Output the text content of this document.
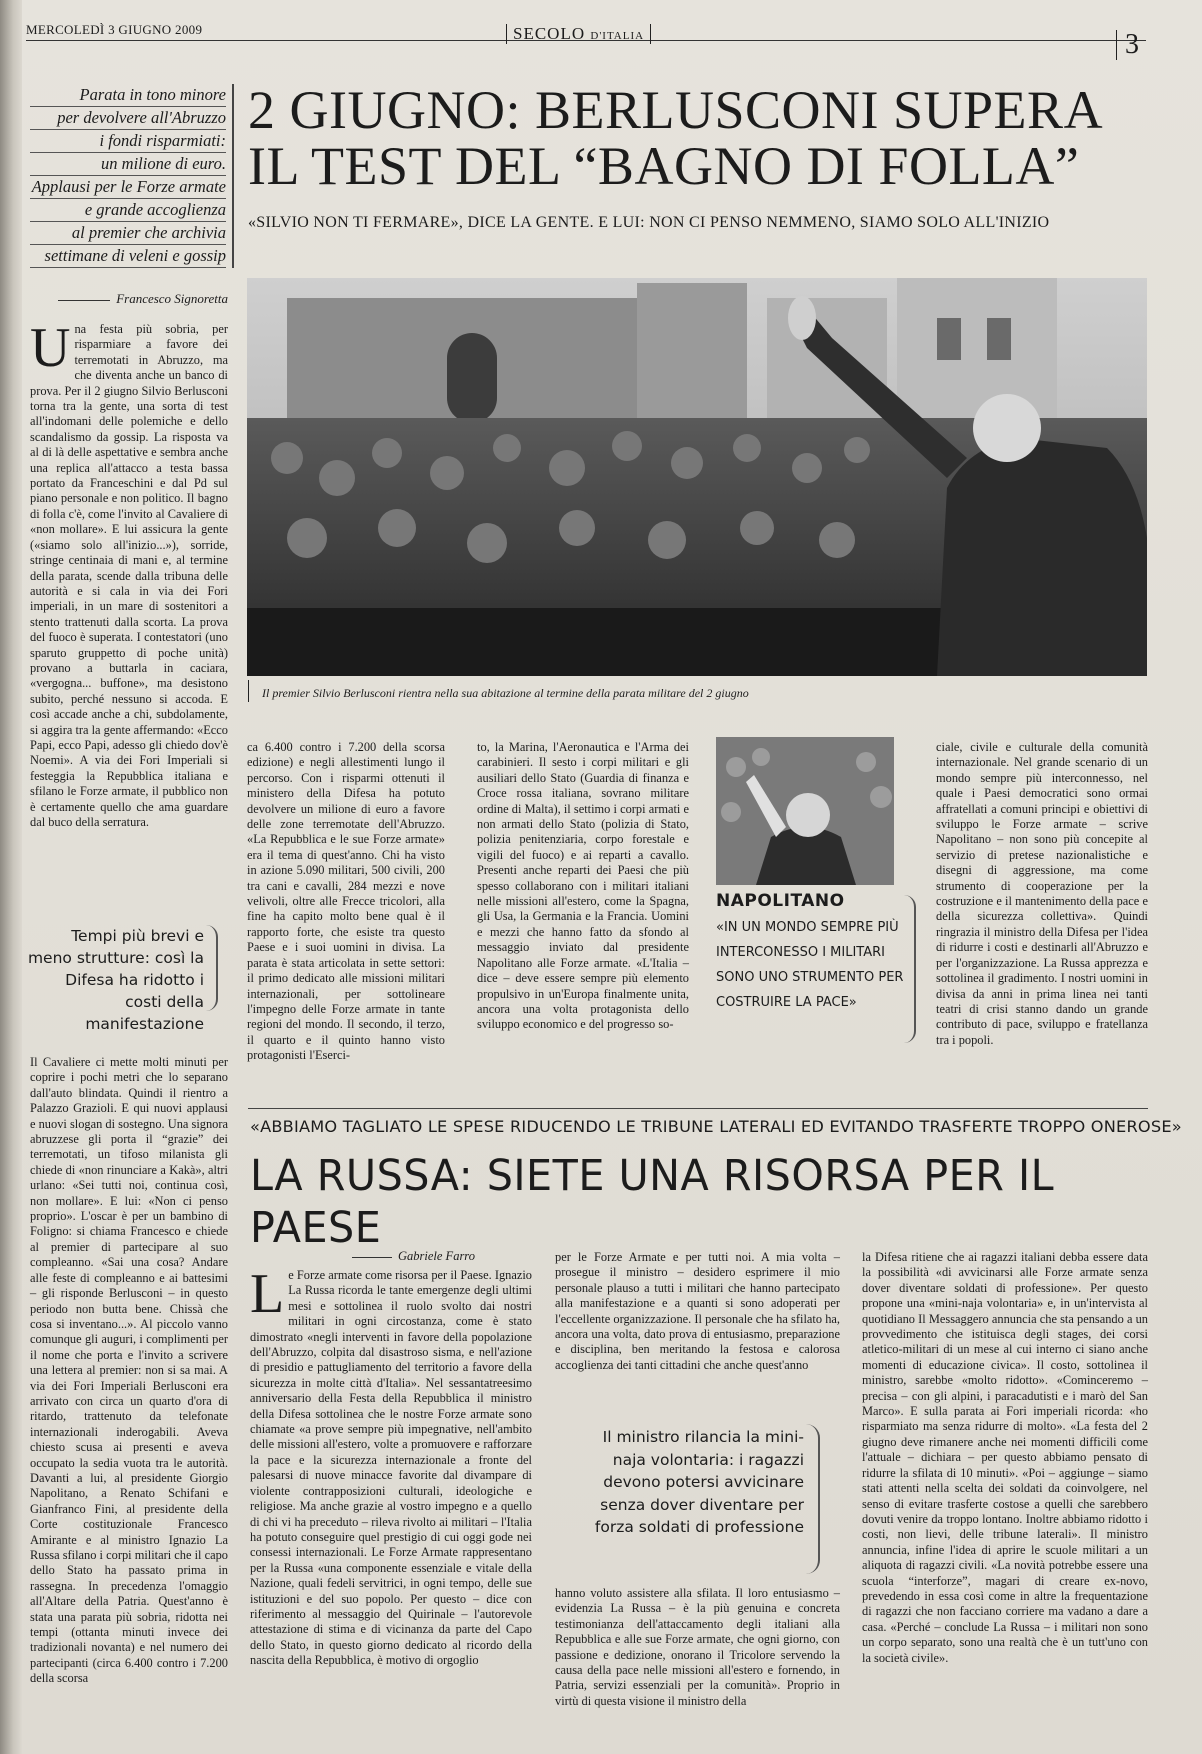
MERCOLEDÌ 3 GIUGNO 2009	SECOLO D'ITALIA	3
Parata in tono minore
per devolvere all'Abruzzo
i fondi risparmiati:
un milione di euro.
Applausi per le Forze armate
e grande accoglienza
al premier che archivia
settimane di veleni e gossip
2 GIUGNO: BERLUSCONI SUPERA
IL TEST DEL “BAGNO DI FOLLA”
«SILVIO NON TI FERMARE», DICE LA GENTE. E LUI: NON CI PENSO NEMMENO, SIAMO SOLO ALL'INIZIO
Francesco Signoretta
Il premier Silvio Berlusconi rientra nella sua abitazione al termine della parata militare del 2 giugno
U na festa più sobria, per risparmiare a favore dei terremotati in Abruzzo, ma che diventa anche un banco di prova. Per il 2 giugno Silvio Berlusconi torna tra la gente, una sorta di test all'indomani delle polemiche e dello scandalismo da gossip. La risposta va al di là delle aspettative e sembra anche una replica all'attacco a testa bassa portato da Franceschini e dal Pd sul piano personale e non politico. Il bagno di folla c'è, come l'invito al Cavaliere di «non mollare». E lui assicura la gente («siamo solo all'inizio...»), sorride, stringe centinaia di mani e, al termine della parata, scende dalla tribuna delle autorità e si cala in via dei Fori imperiali, in un mare di sostenitori a stento trattenuti dalla scorta. La prova del fuoco è superata. I contestatori (uno sparuto gruppetto di poche unità) provano a buttarla in caciara, «vergogna... buffone», ma desistono subito, perché nessuno si accoda. E così accade anche a chi, subdolamente, si aggira tra la gente affermando: «Ecco Papi, ecco Papi, adesso gli chiedo dov'è Noemi». A via dei Fori Imperiali si festeggia la Repubblica italiana e sfilano le Forze armate, il pubblico non è certamente quello che ama guardare dal buco della serratura.

Tempi più brevi e meno strutture: così la Difesa ha ridotto i costi della manifestazione

Il Cavaliere ci mette molti minuti per coprire i pochi metri che lo separano dall'auto blindata. Quindi il rientro a Palazzo Grazioli. E qui nuovi applausi e nuovi slogan di sostegno. Una signora abruzzese gli porta il “grazie” dei terremotati, un tifoso milanista gli chiede di «non rinunciare a Kakà», altri urlano: «Sei tutti noi, continua così, non mollare». E lui: «Non ci penso proprio». L'oscar è per un bambino di Foligno: si chiama Francesco e chiede al premier di partecipare al suo compleanno. «Sai una cosa? Andare alle feste di compleanno e ai battesimi – gli risponde Berlusconi – in questo periodo non butta bene. Chissà che cosa si inventano...». Al piccolo vanno comunque gli auguri, i complimenti per il nome che porta e l'invito a scrivere una lettera al premier: non si sa mai. A via dei Fori Imperiali Berlusconi era arrivato con circa un quarto d'ora di ritardo, trattenuto da telefonate internazionali inderogabili. Aveva chiesto scusa ai presenti e aveva occupato la sedia vuota tra le autorità. Davanti a lui, al presidente Giorgio Napolitano, a Renato Schifani e Gianfranco Fini, al presidente della Corte costituzionale Francesco Amirante e al ministro Ignazio La Russa sfilano i corpi militari che il capo dello Stato ha passato prima in rassegna. In precedenza l'omaggio all'Altare della Patria. Quest'anno è stata una parata più sobria, ridotta nei tempi (ottanta minuti invece dei tradizionali novanta) e nel numero dei partecipanti (circa 6.400 contro i 7.200 della scorsa

ca 6.400 contro i 7.200 della scorsa edizione) e negli allestimenti lungo il percorso. Con i risparmi ottenuti il ministero della Difesa ha potuto devolvere un milione di euro a favore delle zone terremotate dell'Abruzzo. «La Repubblica e le sue Forze armate» era il tema di quest'anno. Chi ha visto in azione 5.090 militari, 500 civili, 200 tra cani e cavalli, 284 mezzi e nove velivoli, oltre alle Frecce tricolori, alla fine ha capito molto bene qual è il rapporto forte, che esiste tra questo Paese e i suoi uomini in divisa. La parata è stata articolata in sette settori: il primo dedicato alle missioni militari internazionali, per sottolineare l'impegno delle Forze armate in tante regioni del mondo. Il secondo, il terzo, il quarto e il quinto hanno visto protagonisti l'Eserci-

to, la Marina, l'Aeronautica e l'Arma dei carabinieri. Il sesto i corpi militari e gli ausiliari dello Stato (Guardia di finanza e Croce rossa italiana, sovrano militare ordine di Malta), il settimo i corpi armati e non armati dello Stato (polizia di Stato, polizia penitenziaria, corpo forestale e vigili del fuoco) e ai reparti a cavallo. Presenti anche reparti dei Paesi che più spesso collaborano con i militari italiani nelle missioni all'estero, come la Spagna, gli Usa, la Germania e la Francia. Uomini e mezzi che hanno fatto da sfondo al messaggio inviato dal presidente Napolitano alle Forze armate. «L'Italia – dice – deve essere sempre più elemento propulsivo in un'Europa finalmente unita, ancora una volta protagonista dello sviluppo economico e del progresso so-

NAPOLITANO
«IN UN MONDO SEMPRE PIÙ INTERCONESSO I MILITARI SONO UNO STRUMENTO PER COSTRUIRE LA PACE»

ciale, civile e culturale della comunità internazionale. Nel grande scenario di un mondo sempre più interconnesso, nel quale i Paesi democratici sono ormai affratellati a comuni principi e obiettivi di sviluppo le Forze armate – scrive Napolitano – non sono più concepite al servizio di pretese nazionalistiche e disegni di aggressione, ma come strumento di cooperazione per la costruzione e il mantenimento della pace e della sicurezza collettiva». Quindi ringrazia il ministro della Difesa per l'idea di ridurre i costi e destinarli all'Abruzzo e per l'organizzazione. La Russa apprezza e sottolinea il gradimento. I nostri uomini in divisa da anni in prima linea nei tanti teatri di crisi stanno dando un grande contributo di pace, sviluppo e fratellanza tra i popoli.

«ABBIAMO TAGLIATO LE SPESE RIDUCENDO LE TRIBUNE LATERALI ED EVITANDO TRASFERTE TROPPO ONEROSE»
LA RUSSA: SIETE UNA RISORSA PER IL PAESE
Gabriele Farro
L e Forze armate come risorsa per il Paese. Ignazio La Russa ricorda le tante emergenze degli ultimi mesi e sottolinea il ruolo svolto dai nostri militari in ogni circostanza, come è stato dimostrato «negli interventi in favore della popolazione dell'Abruzzo, colpita dal disastroso sisma, e nell'azione di presidio e pattugliamento del territorio a favore della sicurezza in molte città d'Italia». Nel sessantatreesimo anniversario della Festa della Repubblica il ministro della Difesa sottolinea che le nostre Forze armate sono chiamate «a prove sempre più impegnative, nell'ambito delle missioni all'estero, volte a promuovere e rafforzare la pace e la sicurezza internazionale a fronte del palesarsi di nuove minacce favorite dal divampare di violente contrapposizioni culturali, ideologiche e religiose. Ma anche grazie al vostro impegno e a quello di chi vi ha preceduto – rileva rivolto ai militari – l'Italia ha potuto conseguire quel prestigio di cui oggi gode nei consessi internazionali. Le Forze Armate rappresentano per la Russa «una componente essenziale e vitale della Nazione, quali fedeli servitrici, in ogni tempo, delle sue istituzioni e del suo popolo. Per questo – dice con riferimento al messaggio del Quirinale – l'autorevole attestazione di stima e di vicinanza da parte del Capo dello Stato, in questo giorno dedicato al ricordo della nascita della Repubblica, è motivo di orgoglio

per le Forze Armate e per tutti noi. A mia volta – prosegue il ministro – desidero esprimere il mio personale plauso a tutti i militari che hanno partecipato alla manifestazione e a quanti si sono adoperati per l'eccellente organizzazione. Il personale che ha sfilato ha, ancora una volta, dato prova di entusiasmo, preparazione e disciplina, ben meritando la festosa e calorosa accoglienza dei tanti cittadini che anche quest'anno

Il ministro rilancia la mini-naja volontaria: i ragazzi devono potersi avvicinare senza dover diventare per forza soldati di professione

hanno voluto assistere alla sfilata. Il loro entusiasmo – evidenzia La Russa – è la più genuina e concreta testimonianza dell'attaccamento degli italiani alla Repubblica e alle sue Forze armate, che ogni giorno, con passione e dedizione, onorano il Tricolore servendo la causa della pace nelle missioni all'estero e fornendo, in Patria, servizi essenziali per la comunità». Proprio in virtù di questa visione il ministro della

la Difesa ritiene che ai ragazzi italiani debba essere data la possibilità «di avvicinarsi alle Forze armate senza dover diventare soldati di professione». Per questo propone una «mini-naja volontaria» e, in un'intervista al quotidiano Il Messaggero annuncia che sta pensando a un provvedimento che istituisca degli stages, dei corsi atletico-militari di un mese al cui interno ci siano anche momenti di educazione civica». Il costo, sottolinea il ministro, sarebbe «molto ridotto». «Cominceremo – precisa – con gli alpini, i paracadutisti e i marò del San Marco». E sulla parata ai Fori imperiali ricorda: «ho risparmiato ma senza ridurre di molto». «La festa del 2 giugno deve rimanere anche nei momenti difficili come l'attuale – dichiara – per questo abbiamo pensato di ridurre la sfilata di 10 minuti». «Poi – aggiunge – siamo stati attenti nella scelta dei soldati da coinvolgere, nel senso di evitare trasferte costose a quelli che sarebbero dovuti venire da troppo lontano. Inoltre abbiamo ridotto i costi, non lievi, delle tribune laterali». Il ministro annuncia, infine l'idea di aprire le scuole militari a un aliquota di ragazzi civili. «La novità potrebbe essere una scuola “interforze”, magari di creare ex-novo, prevedendo in essa così come in altre la frequentazione di ragazzi che non facciano corriere ma vadano a dare a casa. «Perché – conclude La Russa – i militari non sono un corpo separato, sono una realtà che è un tutt'uno con la società civile».
